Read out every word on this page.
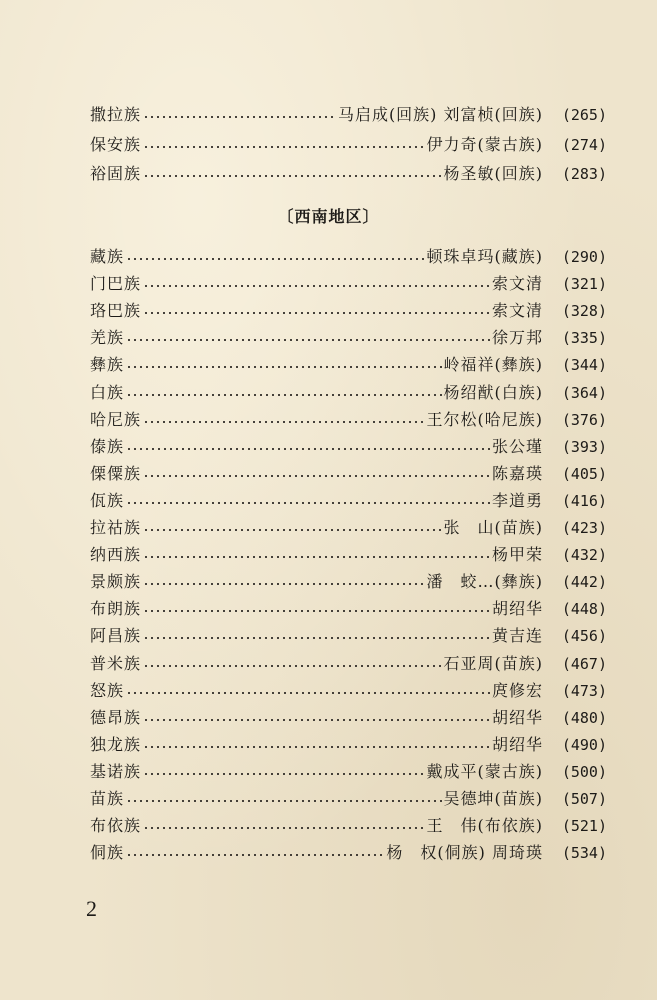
撒拉族	马启成(回族) 刘富桢(回族)	(265)
保安族	伊力奇(蒙古族)	(274)
裕固族	杨圣敏(回族)	(283)
藏族	顿珠卓玛(藏族)	(290)
门巴族	索文清	(321)
珞巴族	索文清	(328)
羌族	徐万邦	(335)
彝族	岭福祥(彝族)	(344)
白族	杨绍猷(白族)	(364)
哈尼族	王尔松(哈尼族)	(376)
傣族	张公瑾	(393)
傈僳族	陈嘉瑛	(405)
佤族	李道勇	(416)
拉祜族	张　山(苗族)	(423)
纳西族	杨甲荣	(432)
景颇族	潘　蛟…(彝族)	(442)
布朗族	胡绍华	(448)
阿昌族	黄吉连	(456)
普米族	石亚周(苗族)	(467)
怒族	庹修宏	(473)
德昂族	胡绍华	(480)
独龙族	胡绍华	(490)
基诺族	戴成平(蒙古族)	(500)
苗族	吴德坤(苗族)	(507)
布依族	王　伟(布依族)	(521)
侗族	杨　权(侗族) 周琦瑛	(534)
〔西南地区〕
2
